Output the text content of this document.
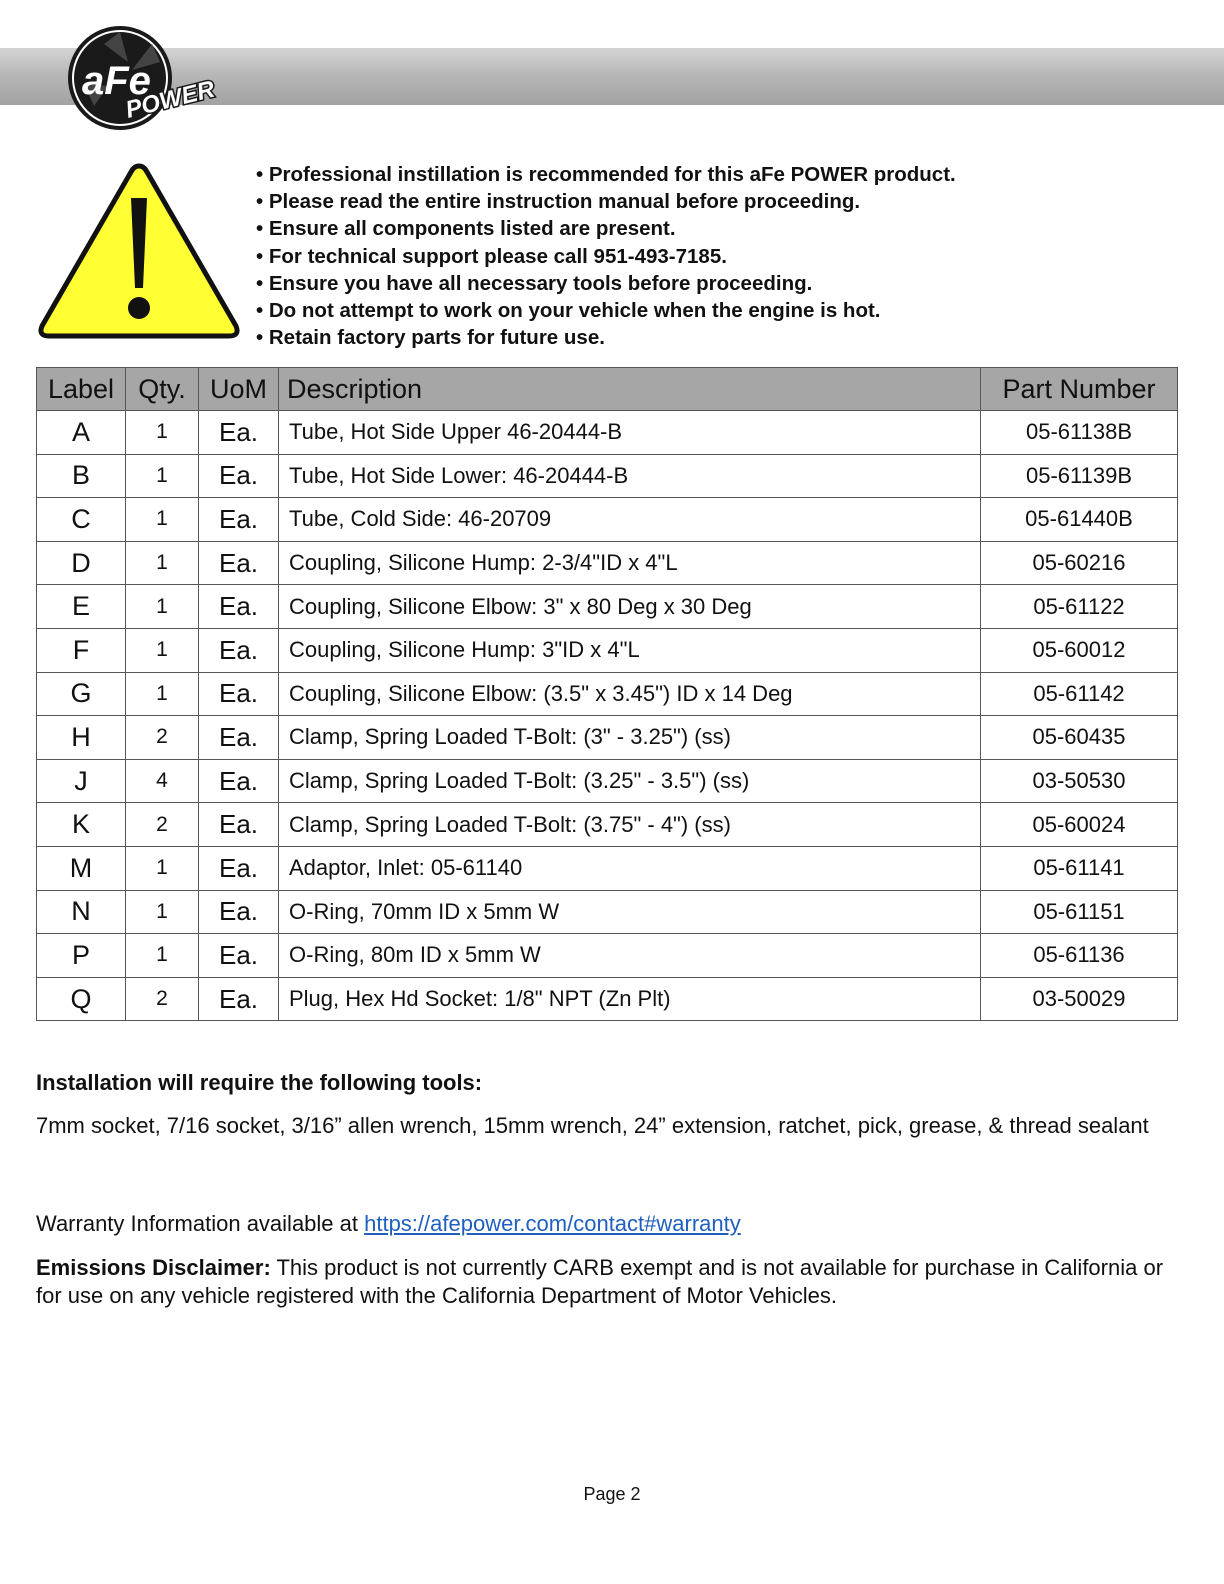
aFe
POWER
• Professional instillation is recommended for this aFe POWER product.
• Please read the entire instruction manual before proceeding.
• Ensure all components listed are present.
• For technical support please call 951-493-7185.
• Ensure you have all necessary tools before proceeding.
• Do not attempt to work on your vehicle when the engine is hot.
• Retain factory parts for future use.
Label	Qty.	UoM	Description	Part Number
A	1	Ea.	Tube, Hot Side Upper 46-20444-B	05-61138B
B	1	Ea.	Tube, Hot Side Lower: 46-20444-B	05-61139B
C	1	Ea.	Tube, Cold Side: 46-20709	05-61440B
D	1	Ea.	Coupling, Silicone Hump: 2-3/4"ID x 4"L	05-60216
E	1	Ea.	Coupling, Silicone Elbow: 3" x 80 Deg x 30 Deg	05-61122
F	1	Ea.	Coupling, Silicone Hump: 3"ID x 4"L	05-60012
G	1	Ea.	Coupling, Silicone Elbow: (3.5" x 3.45") ID x 14 Deg	05-61142
H	2	Ea.	Clamp, Spring Loaded T-Bolt: (3" - 3.25") (ss)	05-60435
J	4	Ea.	Clamp, Spring Loaded T-Bolt: (3.25" - 3.5") (ss)	03-50530
K	2	Ea.	Clamp, Spring Loaded T-Bolt: (3.75" - 4") (ss)	05-60024
M	1	Ea.	Adaptor, Inlet: 05-61140	05-61141
N	1	Ea.	O-Ring, 70mm ID x 5mm W	05-61151
P	1	Ea.	O-Ring, 80m ID x 5mm W	05-61136
Q	2	Ea.	Plug, Hex Hd Socket: 1/8" NPT (Zn Plt)	03-50029

Installation will require the following tools:

7mm socket, 7/16 socket, 3/16” allen wrench, 15mm wrench, 24” extension, ratchet, pick, grease, & thread sealant

Warranty Information available at https://afepower.com/contact#warranty

Emissions Disclaimer: This product is not currently CARB exempt and is not available for purchase in California or for use on any vehicle registered with the California Department of Motor Vehicles.

Page 2
